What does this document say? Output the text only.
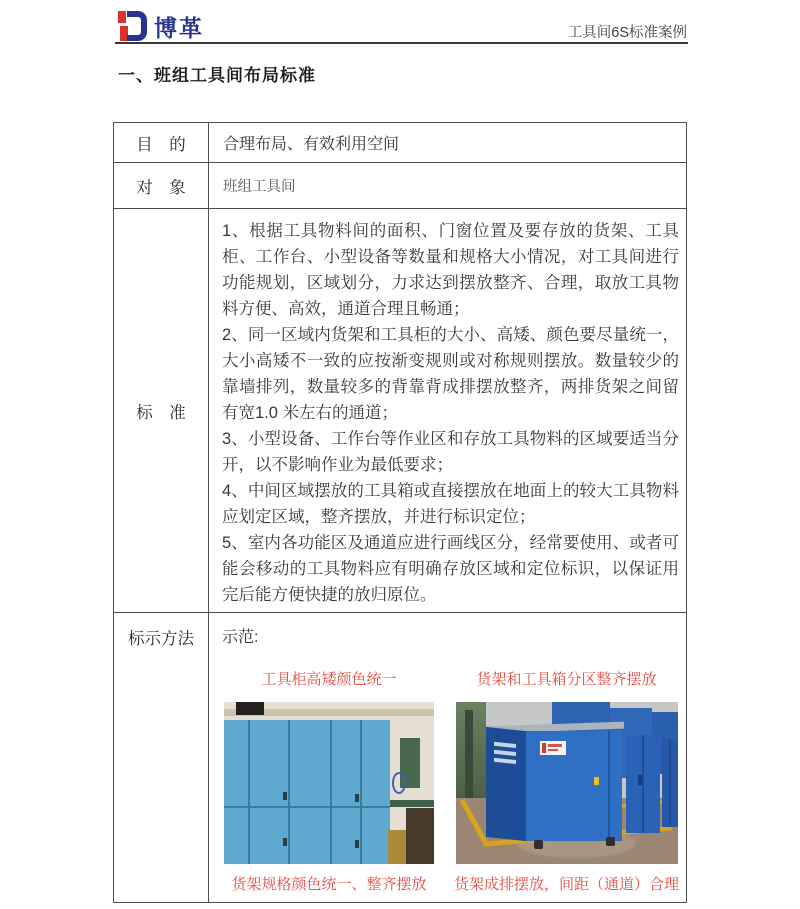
博革	工具间6S标准案例
一、班组工具间布局标准
目　的	合理布局、有效利用空间
对　象	班组工具间
标　准

1、根据工具物料间的面积、门窗位置及要存放的货架、工具柜、工作台、小型设备等数量和规格大小情况，对工具间进行功能规划，区域划分，力求达到摆放整齐、合理，取放工具物料方便、高效，通道合理且畅通；

2、同一区域内货架和工具柜的大小、高矮、颜色要尽量统一，大小高矮不一致的应按渐变规则或对称规则摆放。数量较少的靠墙排列，数量较多的背靠背成排摆放整齐，两排货架之间留有宽1.0 米左右的通道；

3、小型设备、工作台等作业区和存放工具物料的区域要适当分开，以不影响作业为最低要求；

4、中间区域摆放的工具箱或直接摆放在地面上的较大工具物料应划定区域，整齐摆放，并进行标识定位；

5、室内各功能区及通道应进行画线区分，经常要使用、或者可能会移动的工具物料应有明确存放区域和定位标识，以保证用完后能方便快捷的放归原位。

标示方法	示范:
工具柜高矮颜色统一
货架规格颜色统一、整齐摆放
货架和工具箱分区整齐摆放
货架成排摆放，间距（通道）合理
